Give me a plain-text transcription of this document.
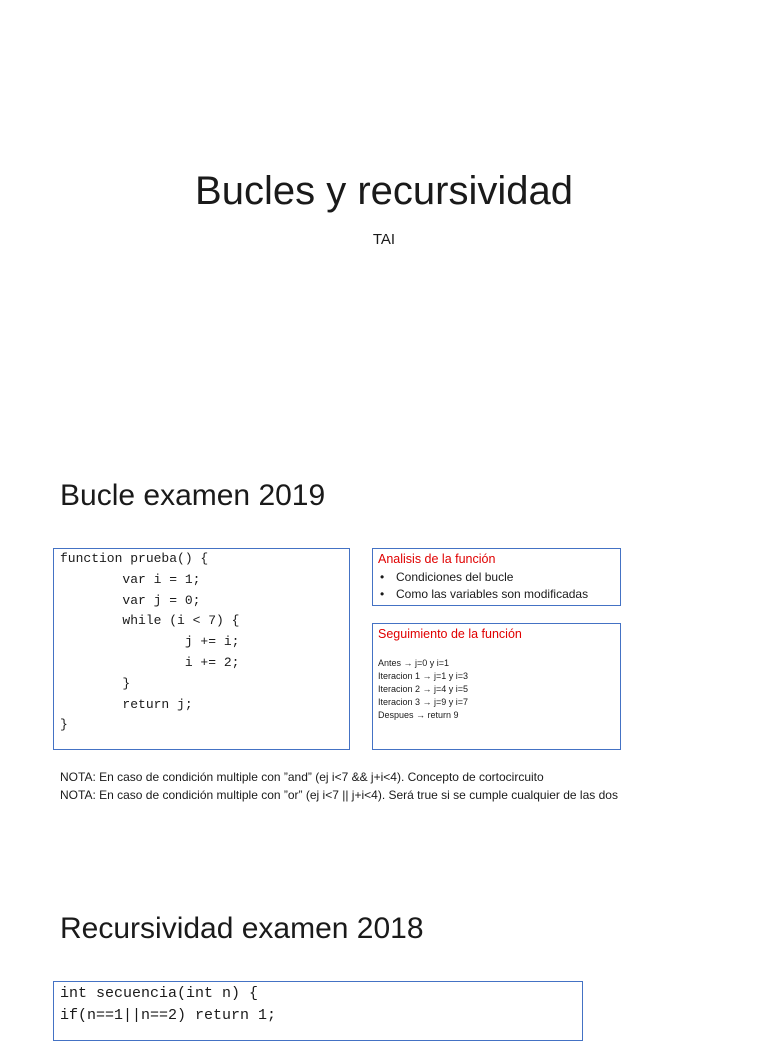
Bucles y recursividad
TAI
Bucle examen 2019
function prueba() {
var i = 1;
var j = 0;
while (i < 7) {
j += i;
i += 2;
}
return j;
}
Analisis de la función
• Condiciones del bucle
• Como las variables son modificadas
Seguimiento de la función
Antes → j=0 y i=1
Iteracion 1 → j=1 y i=3
Iteracion 2 → j=4 y i=5
Iteracion 3 → j=9 y i=7
Despues → return 9
NOTA: En caso de condición multiple con ”and” (ej i<7 && j+i<4). Concepto de cortocircuito
NOTA: En caso de condición multiple con ”or” (ej i<7 || j+i<4). Será true si se cumple cualquier de las dos
Recursividad examen 2018
int secuencia(int n) {
if(n==1||n==2) return 1;
